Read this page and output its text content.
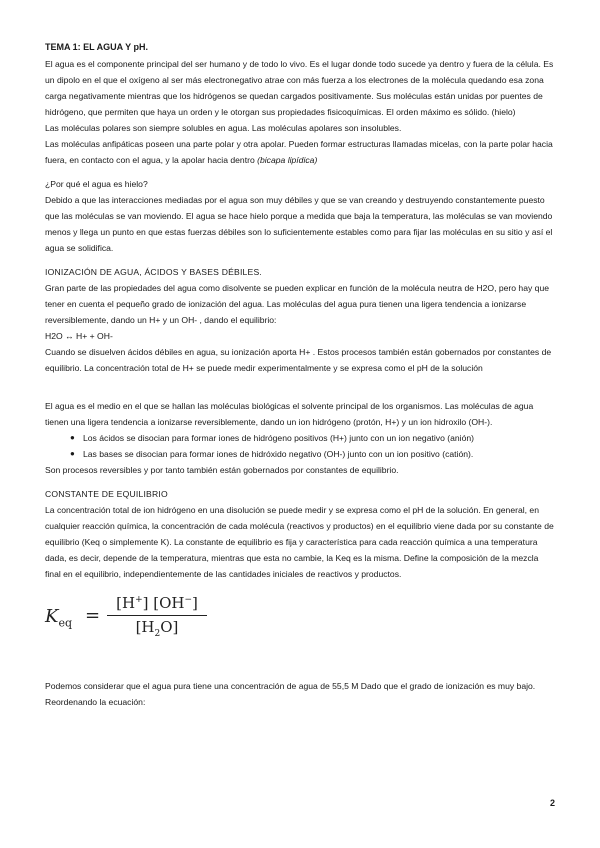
TEMA 1: EL AGUA Y pH.

El agua es el componente principal del ser humano y de todo lo vivo. Es el lugar donde todo sucede ya dentro y fuera de la célula. Es un dipolo en el que el oxígeno al ser más electronegativo atrae con más fuerza a los electrones de la molécula quedando esa zona carga negativamente mientras que los hidrógenos se quedan cargados positivamente. Sus moléculas están unidas por puentes de hidrógeno, que permiten que haya un orden y le otorgan sus propiedades fisicoquímicas. El orden máximo es sólido. (hielo)

Las moléculas polares son siempre solubles en agua. Las moléculas apolares son insolubles.

Las moléculas anfipáticas poseen una parte polar y otra apolar. Pueden formar estructuras llamadas micelas, con la parte polar hacia fuera, en contacto con el agua, y la apolar hacia dentro (bicapa lipídica)

¿Por qué el agua es hielo?

Debido a que las interacciones mediadas por el agua son muy débiles y que se van creando y destruyendo constantemente puesto que las moléculas se van moviendo. El agua se hace hielo porque a medida que baja la temperatura, las moléculas se van moviendo menos y llega un punto en que estas fuerzas débiles son lo suficientemente estables como para fijar las moléculas en su sitio y así el agua se solidifica.

IONIZACIÓN DE AGUA, ÁCIDOS Y BASES DÉBILES.

Gran parte de las propiedades del agua como disolvente se pueden explicar en función de la molécula neutra de H2O, pero hay que tener en cuenta el pequeño grado de ionización del agua. Las moléculas del agua pura tienen una ligera tendencia a ionizarse reversiblemente, dando un H+ y un OH- , dando el equilibrio:

H2O ↔ H+ + OH-

Cuando se disuelven ácidos débiles en agua, su ionización aporta H+ . Estos procesos también están gobernados por constantes de equilibrio. La concentración total de H+ se puede medir experimentalmente y se expresa como el pH de la solución

El agua es el medio en el que se hallan las moléculas biológicas el solvente principal de los organismos. Las moléculas de agua tienen una ligera tendencia a ionizarse reversiblemente, dando un ion hidrógeno (protón, H+) y un ion hidroxilo (OH-).

● Los ácidos se disocian para formar iones de hidrógeno positivos (H+) junto con un ion negativo (anión)
● Las bases se disocian para formar iones de hidróxido negativo (OH-) junto con un ion positivo (catión).

Son procesos reversibles y por tanto también están gobernados por constantes de equilibrio.

CONSTANTE DE EQUILIBRIO

La concentración total de ion hidrógeno en una disolución se puede medir y se expresa como el pH de la solución. En general, en cualquier reacción química, la concentración de cada molécula (reactivos y productos) en el equilibrio viene dada por su constante de equilibrio (Keq o simplemente K). La constante de equilibrio es fija y característica para cada reacción química a una temperatura dada, es decir, depende de la temperatura, mientras que esta no cambie, la Keq es la misma. Define la composición de la mezcla final en el equilibrio, independientemente de las cantidades iniciales de reactivos y productos.

$K_{eq} = \frac{[H^+] [OH^-]}{[H_2O]}$

Podemos considerar que el agua pura tiene una concentración de agua de 55,5 M Dado que el grado de ionización es muy bajo. Reordenando la ecuación:

2
